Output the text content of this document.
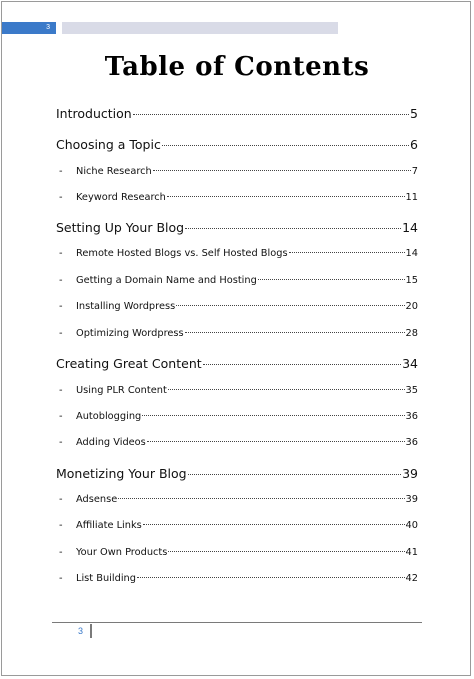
3
Table of Contents
Introduction	5
Choosing a Topic	6
-	Niche Research	7
-	Keyword Research	11
Setting Up Your Blog	14
-	Remote Hosted Blogs vs. Self Hosted Blogs	14
-	Getting a Domain Name and Hosting	15
-	Installing Wordpress	20
-	Optimizing Wordpress	28
Creating Great Content	34
-	Using PLR Content	35
-	Autoblogging	36
-	Adding Videos	36
Monetizing Your Blog	39
-	Adsense	39
-	Affiliate Links	40
-	Your Own Products	41
-	List Building	42
3
